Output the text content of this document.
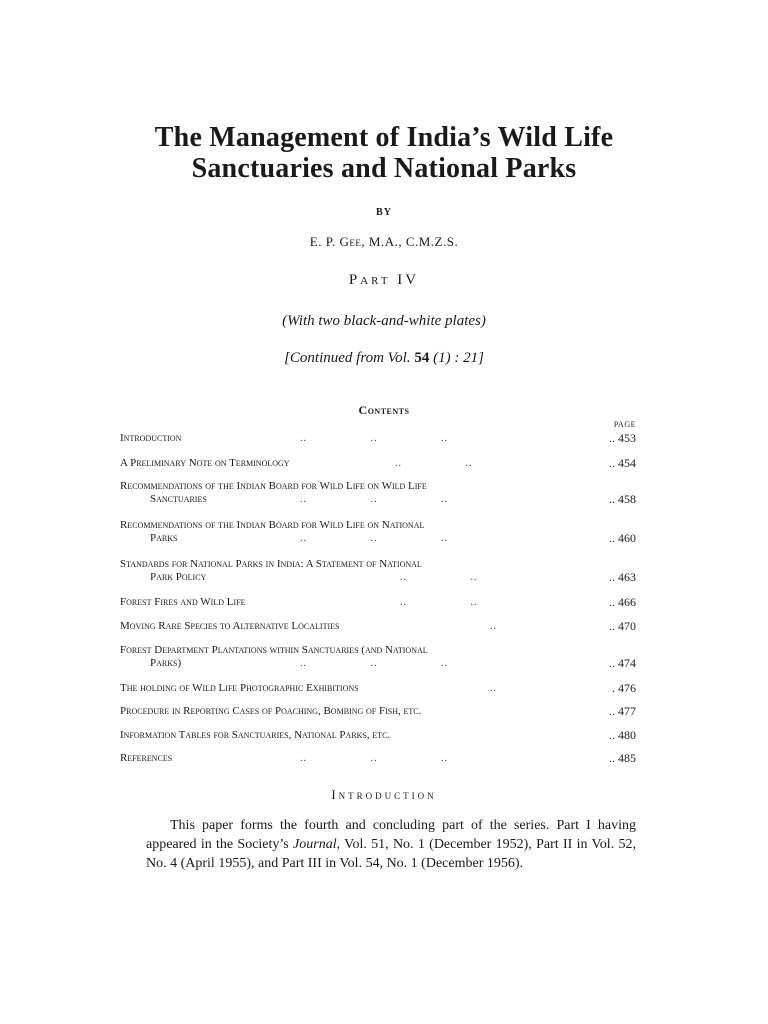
The Management of India’s Wild Life
Sanctuaries and National Parks
BY
E. P. Gee, M.A., C.M.Z.S.
Part IV
(With two black-and-white plates)
[Continued from Vol. 54 (1) : 21]
Contents
PAGE
Introduction	.. .. ..	.. 453
A Preliminary Note on Terminology	.. ..	.. 454
Recommendations of the Indian Board for Wild Life on Wild Life
Sanctuaries	.. .. ..	.. 458
Recommendations of the Indian Board for Wild Life on National
Parks	.. .. ..	.. 460
Standards for National Parks in India: A Statement of National
Park Policy	.. ..	.. 463
Forest Fires and Wild Life	.. ..	.. 466
Moving Rare Species to Alternative Localities	..	.. 470
Forest Department Plantations within Sanctuaries (and National
Parks)	.. .. ..	.. 474
The holding of Wild Life Photographic Exhibitions	..	. 476
Procedure in Reporting Cases of Poaching, Bombing of Fish, etc.	.. 477
Information Tables for Sanctuaries, National Parks, etc.	.. 480
References	.. .. ..	.. 485
Introduction
This paper forms the fourth and concluding part of the series. Part I having appeared in the Society’s Journal, Vol. 51, No. 1 (December 1952), Part II in Vol. 52, No. 4 (April 1955), and Part III in Vol. 54, No. 1 (December 1956).
